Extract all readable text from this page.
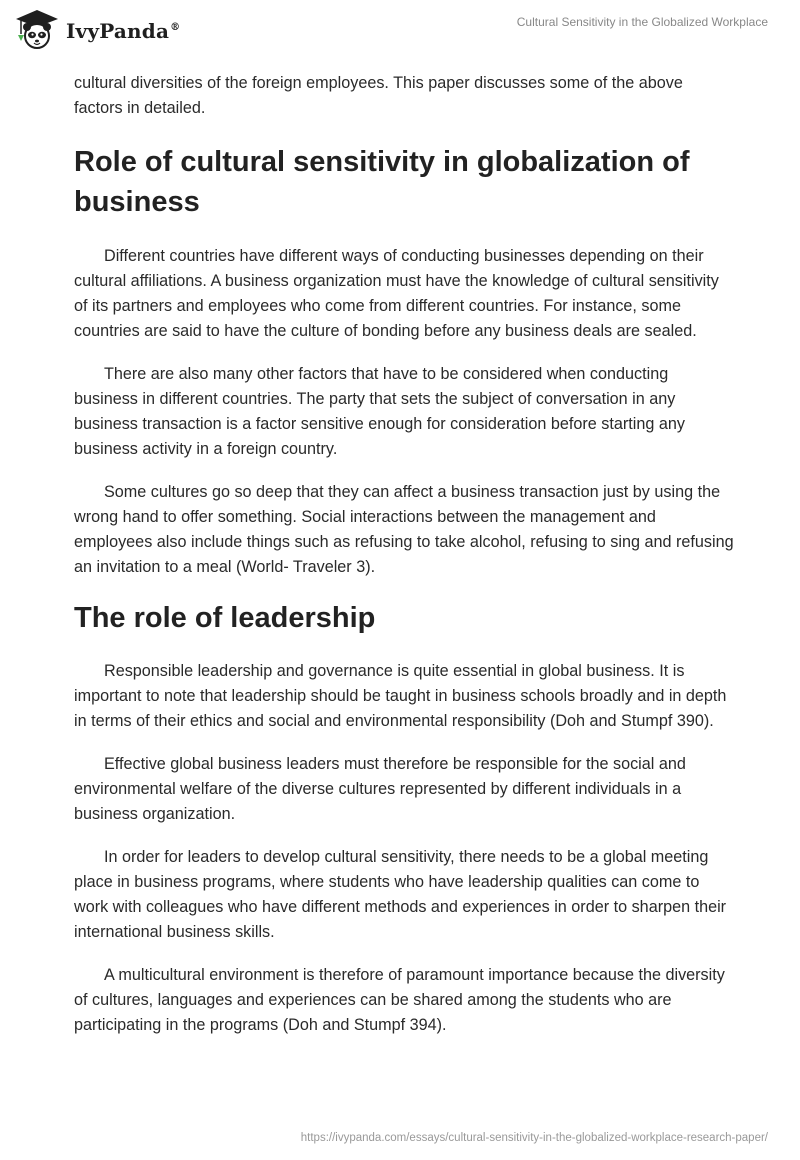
IvyPanda®	Cultural Sensitivity in the Globalized Workplace

cultural diversities of the foreign employees. This paper discusses some of the above factors in detailed.

Role of cultural sensitivity in globalization of business

Different countries have different ways of conducting businesses depending on their cultural affiliations. A business organization must have the knowledge of cultural sensitivity of its partners and employees who come from different countries. For instance, some countries are said to have the culture of bonding before any business deals are sealed.

There are also many other factors that have to be considered when conducting business in different countries. The party that sets the subject of conversation in any business transaction is a factor sensitive enough for consideration before starting any business activity in a foreign country.

Some cultures go so deep that they can affect a business transaction just by using the wrong hand to offer something. Social interactions between the management and employees also include things such as refusing to take alcohol, refusing to sing and refusing an invitation to a meal (World- Traveler 3).

The role of leadership

Responsible leadership and governance is quite essential in global business. It is important to note that leadership should be taught in business schools broadly and in depth in terms of their ethics and social and environmental responsibility (Doh and Stumpf 390).

Effective global business leaders must therefore be responsible for the social and environmental welfare of the diverse cultures represented by different individuals in a business organization.

In order for leaders to develop cultural sensitivity, there needs to be a global meeting place in business programs, where students who have leadership qualities can come to work with colleagues who have different methods and experiences in order to sharpen their international business skills.

A multicultural environment is therefore of paramount importance because the diversity of cultures, languages and experiences can be shared among the students who are participating in the programs (Doh and Stumpf 394).

https://ivypanda.com/essays/cultural-sensitivity-in-the-globalized-workplace-research-paper/
